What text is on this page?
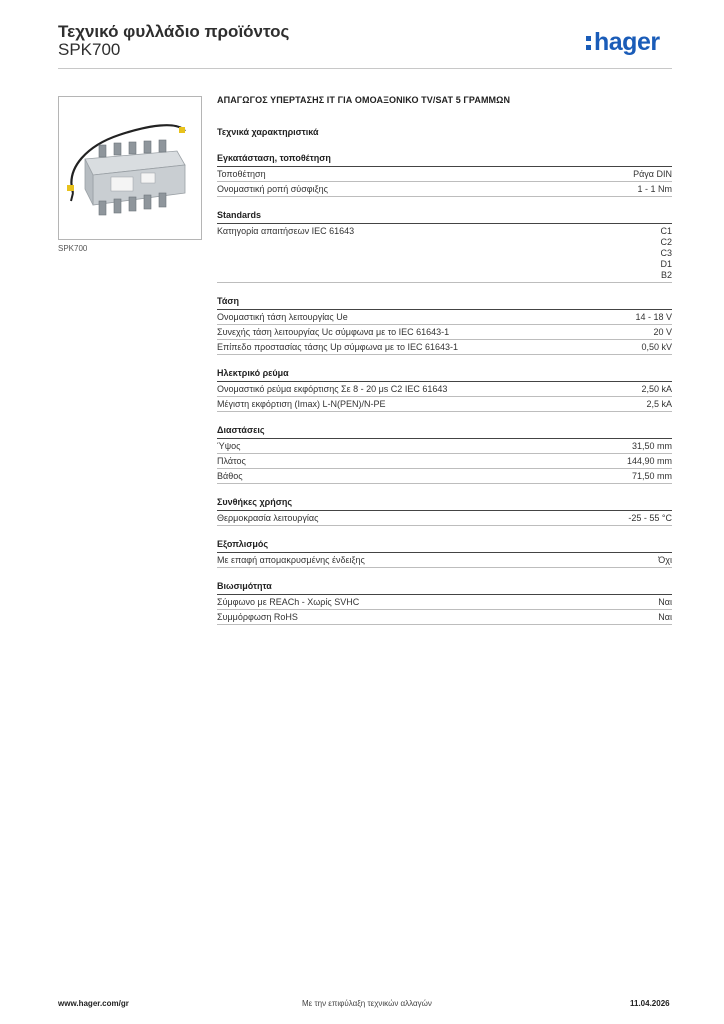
Τεχνικό φυλλάδιο προϊόντος
SPK700	hager
SPK700
ΑΠΑΓΩΓΟΣ ΥΠΕΡΤΑΣΗΣ ΙΤ ΓΙΑ ΟΜΟΑΞΟΝΙΚΟ TV/SAT 5 ΓΡΑΜΜΩΝ
Τεχνικά χαρακτηριστικά
Εγκατάσταση, τοποθέτηση
Τοποθέτηση	Ράγα DIN
Ονομαστική ροπή σύσφιξης	1 - 1 Nm
Standards
Κατηγορία απαιτήσεων IEC 61643	C1
C2
C3
D1
B2
Τάση
Ονομαστική τάση λειτουργίας Ue	14 - 18 V
Συνεχής τάση λειτουργίας Uc σύμφωνα με το IEC 61643-1	20 V
Επίπεδο προστασίας τάσης Up σύμφωνα με το IEC 61643-1	0,50 kV
Ηλεκτρικό ρεύμα
Ονομαστικό ρεύμα εκφόρτισης Σε 8 - 20 μs C2 IEC 61643	2,50 kA
Μέγιστη εκφόρτιση (Imax) L-N(PEN)/N-PE	2,5 kA
Διαστάσεις
Ύψος	31,50 mm
Πλάτος	144,90 mm
Βάθος	71,50 mm
Συνθήκες χρήσης
Θερμοκρασία λειτουργίας	-25 - 55 °C
Εξοπλισμός
Με επαφή απομακρυσμένης ένδειξης	Όχι
Βιωσιμότητα
Σύμφωνο με REACh - Χωρίς SVHC	Ναι
Συμμόρφωση RoHS	Ναι
www.hager.com/gr	Με την επιφύλαξη τεχνικών αλλαγών	11.04.2026
